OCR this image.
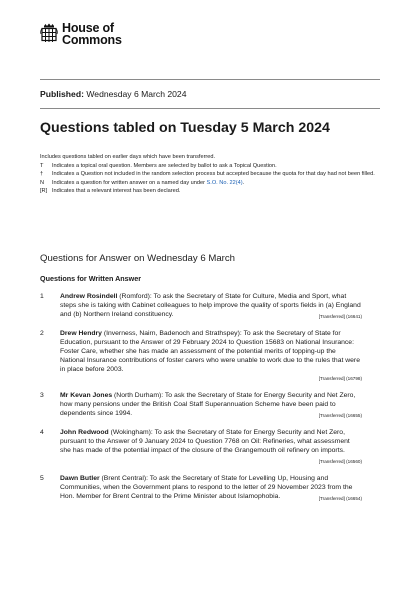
House of
Commons
Published: Wednesday 6 March 2024
Questions tabled on Tuesday 5 March 2024
Includes questions tabled on earlier days which have been transferred.
T	Indicates a topical oral question. Members are selected by ballot to ask a Topical Question.
†	Indicates a Question not included in the random selection process but accepted because the quota for that day had not been filled.
N	Indicates a question for written answer on a named day under S.O. No. 22(4).
[R] Indicates that a relevant interest has been declared.
Questions for Answer on Wednesday 6 March
Questions for Written Answer
1	Andrew Rosindell (Romford): To ask the Secretary of State for Culture, Media and Sport, what steps she is taking with Cabinet colleagues to help improve the quality of sports fields in (a) England and (b) Northern Ireland constituency.	[Transferred] (16641)
2	Drew Hendry (Inverness, Nairn, Badenoch and Strathspey): To ask the Secretary of State for Education, pursuant to the Answer of 29 February 2024 to Question 15683 on National Insurance: Foster Care, whether she has made an assessment of the potential merits of topping-up the National Insurance contributions of foster carers who were unable to work due to the rules that were in place before 2003.
[Transferred] (16798)
3	Mr Kevan Jones (North Durham): To ask the Secretary of State for Energy Security and Net Zero, how many pensions under the British Coal Staff Superannuation Scheme have been paid to dependents since 1994.	[Transferred] (16655)
4	John Redwood (Wokingham): To ask the Secretary of State for Energy Security and Net Zero, pursuant to the Answer of 9 January 2024 to Question 7768 on Oil: Refineries, what assessment she has made of the potential impact of the closure of the Grangemouth oil refinery on imports.
[Transferred] (16560)
5	Dawn Butler (Brent Central): To ask the Secretary of State for Levelling Up, Housing and Communities, when the Government plans to respond to the letter of 29 November 2023 from the Hon. Member for Brent Central to the Prime Minister about Islamophobia.	[Transferred] (16654)
